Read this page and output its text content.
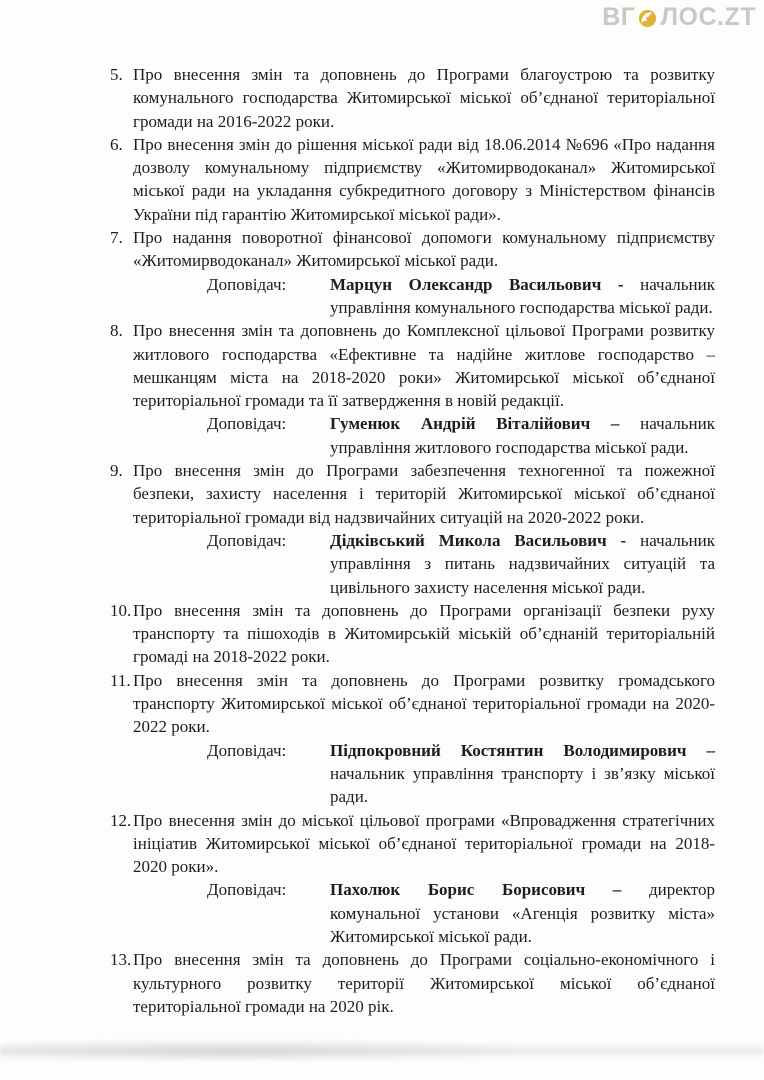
ВГ ЛОС.ZT
5. Про внесення змін та доповнень до Програми благоустрою та розвитку комунального господарства Житомирської міської об’єднаної територіальної громади на 2016-2022 роки.
6. Про внесення змін до рішення міської ради від 18.06.2014 №696 «Про надання дозволу комунальному підприємству «Житомирводоканал» Житомирської міської ради на укладання субкредитного договору з Міністерством фінансів України під гарантію Житомирської міської ради».
7. Про надання поворотної фінансової допомоги комунальному підприємству «Житомирводоканал» Житомирської міської ради.
Доповідач:	Марцун Олександр Васильович - начальник управління комунального господарства міської ради.
8. Про внесення змін та доповнень до Комплексної цільової Програми розвитку житлового господарства «Ефективне та надійне житлове господарство – мешканцям міста на 2018-2020 роки» Житомирської міської об’єднаної територіальної громади та її затвердження в новій редакції.
Доповідач:	Гуменюк Андрій Віталійович – начальник управління житлового господарства міської ради.
9. Про внесення змін до Програми забезпечення техногенної та пожежної безпеки, захисту населення і територій Житомирської міської об’єднаної територіальної громади від надзвичайних ситуацій на 2020-2022 роки.
Доповідач:	Дідківський Микола Васильович - начальник управління з питань надзвичайних ситуацій та цивільного захисту населення міської ради.
10. Про внесення змін та доповнень до Програми організації безпеки руху транспорту та пішоходів в Житомирській міській об’єднаній територіальній громаді на 2018-2022 роки.
11. Про внесення змін та доповнень до Програми розвитку громадського транспорту Житомирської міської об’єднаної територіальної громади на 2020-2022 роки.
Доповідач:	Підпокровний Костянтин Володимирович – начальник управління транспорту і зв’язку міської ради.
12. Про внесення змін до міської цільової програми «Впровадження стратегічних ініціатив Житомирської міської об’єднаної територіальної громади на 2018-2020 роки».
Доповідач:	Пахолюк Борис Борисович – директор комунальної установи «Агенція розвитку міста» Житомирської міської ради.
13. Про внесення змін та доповнень до Програми соціально-економічного і культурного розвитку території Житомирської міської об’єднаної територіальної громади на 2020 рік.
